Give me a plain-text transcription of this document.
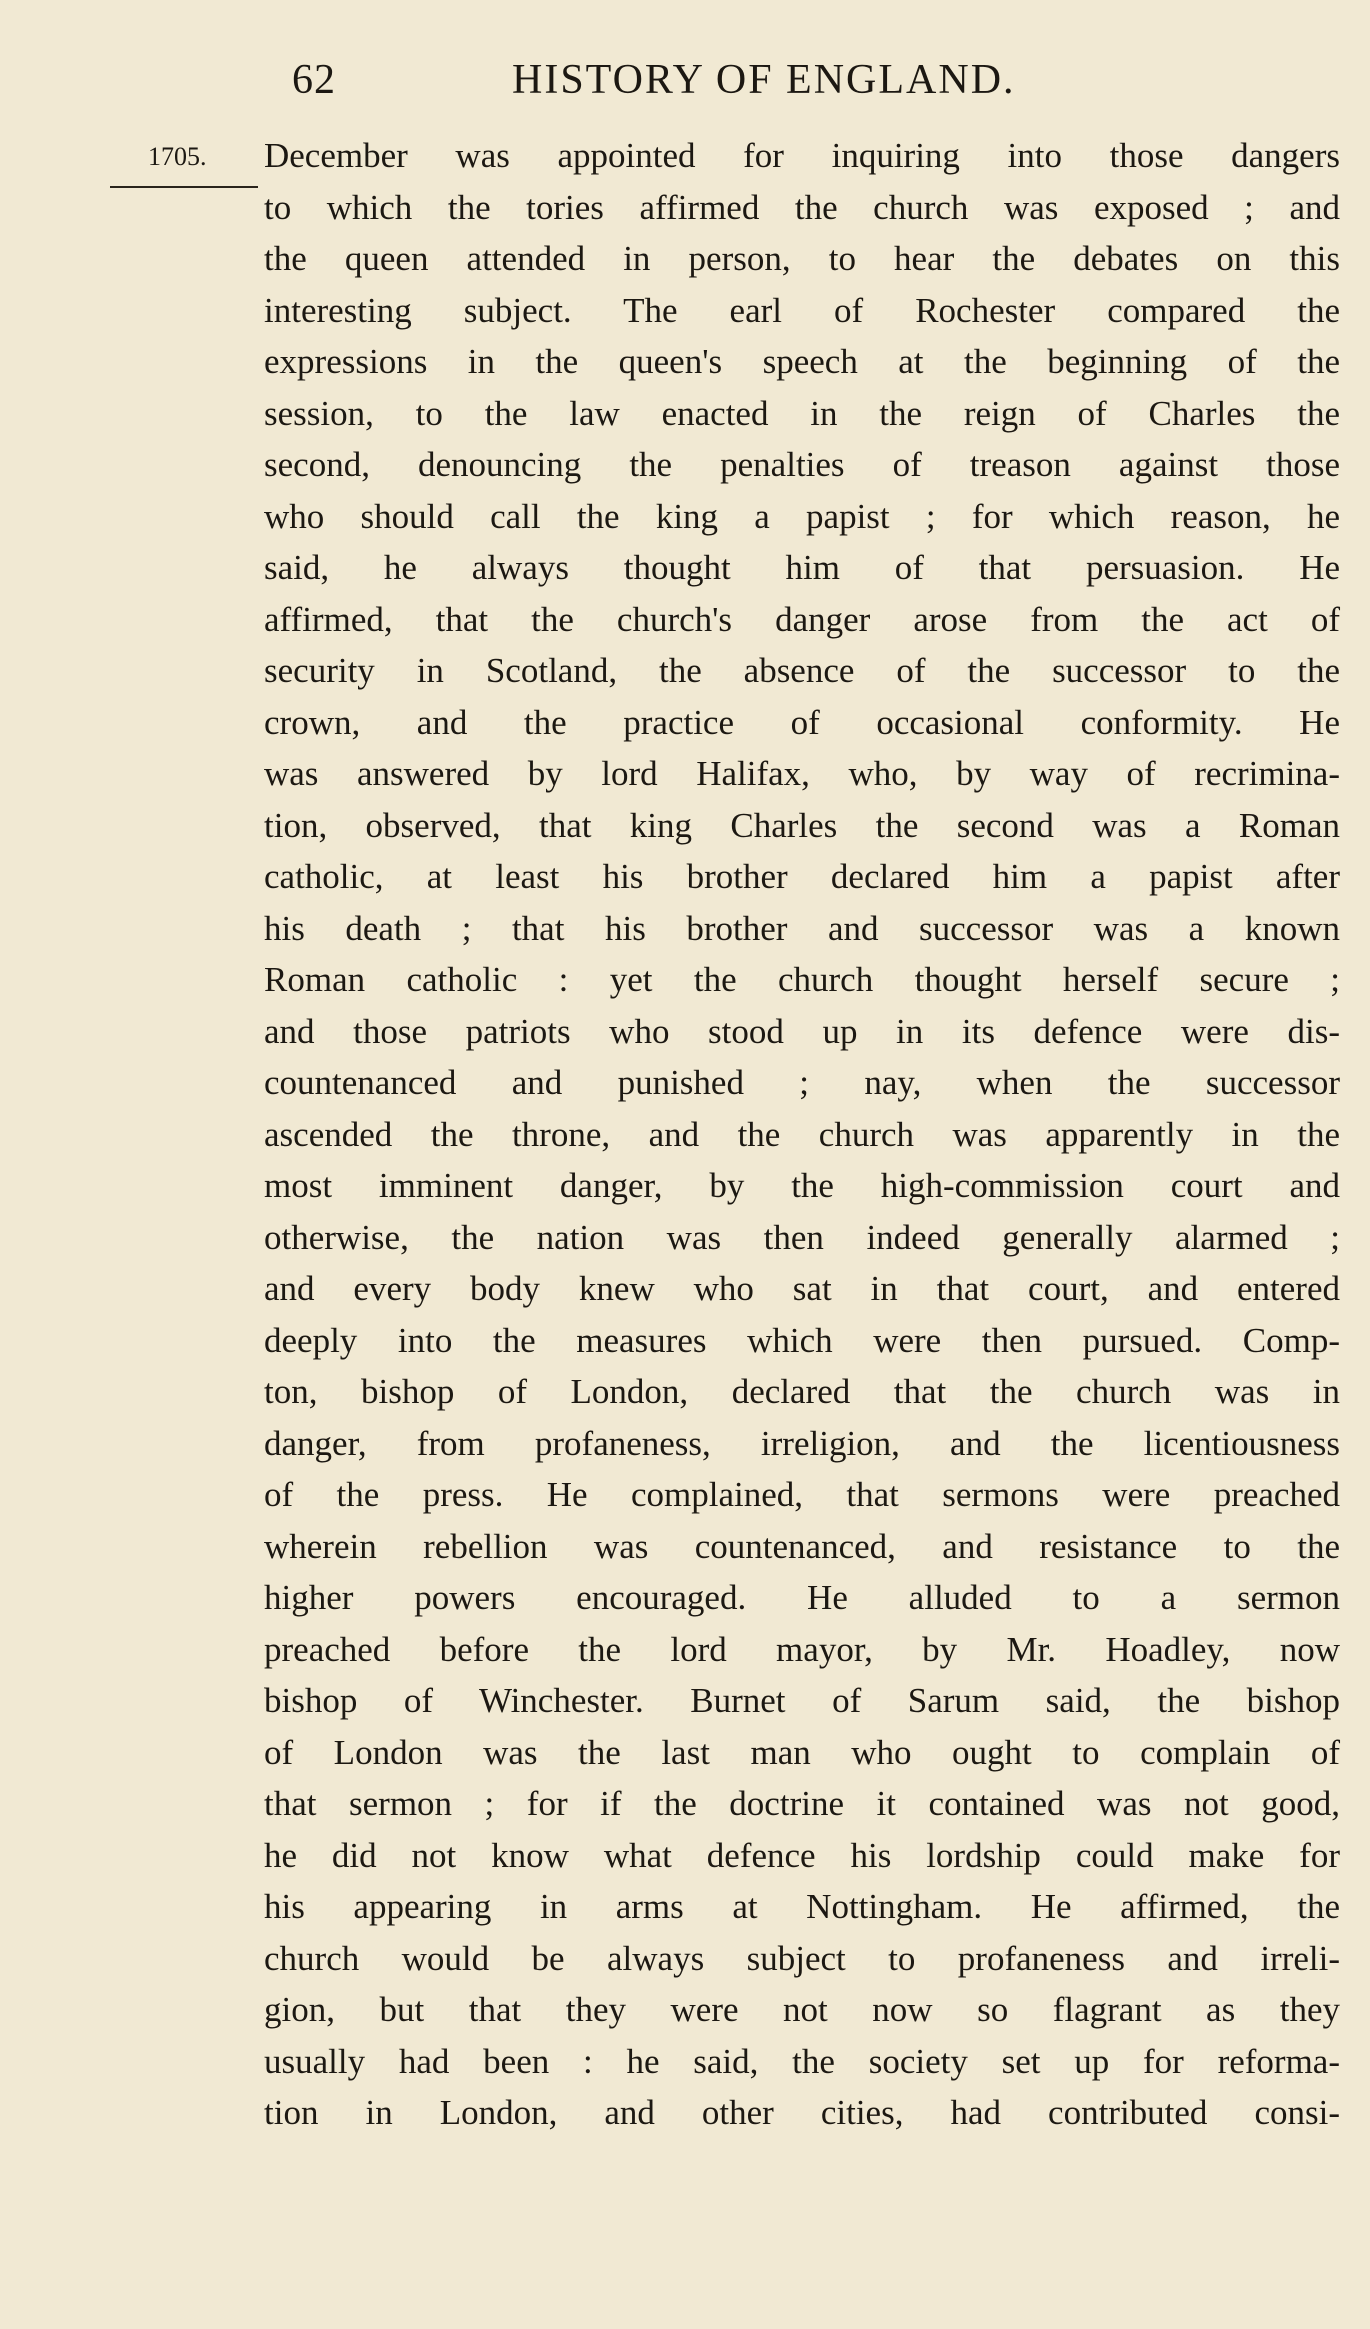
62	HISTORY OF ENGLAND.
1705. December was appointed for inquiring into those dangers
to which the tories affirmed the church was exposed ; and
the queen attended in person, to hear the debates on this
interesting subject. The earl of Rochester compared the
expressions in the queen's speech at the beginning of the
session, to the law enacted in the reign of Charles the
second, denouncing the penalties of treason against those
who should call the king a papist ; for which reason, he
said, he always thought him of that persuasion. He
affirmed, that the church's danger arose from the act of
security in Scotland, the absence of the successor to the
crown, and the practice of occasional conformity. He
was answered by lord Halifax, who, by way of recrimina-
tion, observed, that king Charles the second was a Roman
catholic, at least his brother declared him a papist after
his death ; that his brother and successor was a known
Roman catholic : yet the church thought herself secure ;
and those patriots who stood up in its defence were dis-
countenanced and punished ; nay, when the successor
ascended the throne, and the church was apparently in the
most imminent danger, by the high-commission court and
otherwise, the nation was then indeed generally alarmed ;
and every body knew who sat in that court, and entered
deeply into the measures which were then pursued. Comp-
ton, bishop of London, declared that the church was in
danger, from profaneness, irreligion, and the licentiousness
of the press. He complained, that sermons were preached
wherein rebellion was countenanced, and resistance to the
higher powers encouraged. He alluded to a sermon
preached before the lord mayor, by Mr. Hoadley, now
bishop of Winchester. Burnet of Sarum said, the bishop
of London was the last man who ought to complain of
that sermon ; for if the doctrine it contained was not good,
he did not know what defence his lordship could make for
his appearing in arms at Nottingham. He affirmed, the
church would be always subject to profaneness and irreli-
gion, but that they were not now so flagrant as they
usually had been : he said, the society set up for reforma-
tion in London, and other cities, had contributed consi-
